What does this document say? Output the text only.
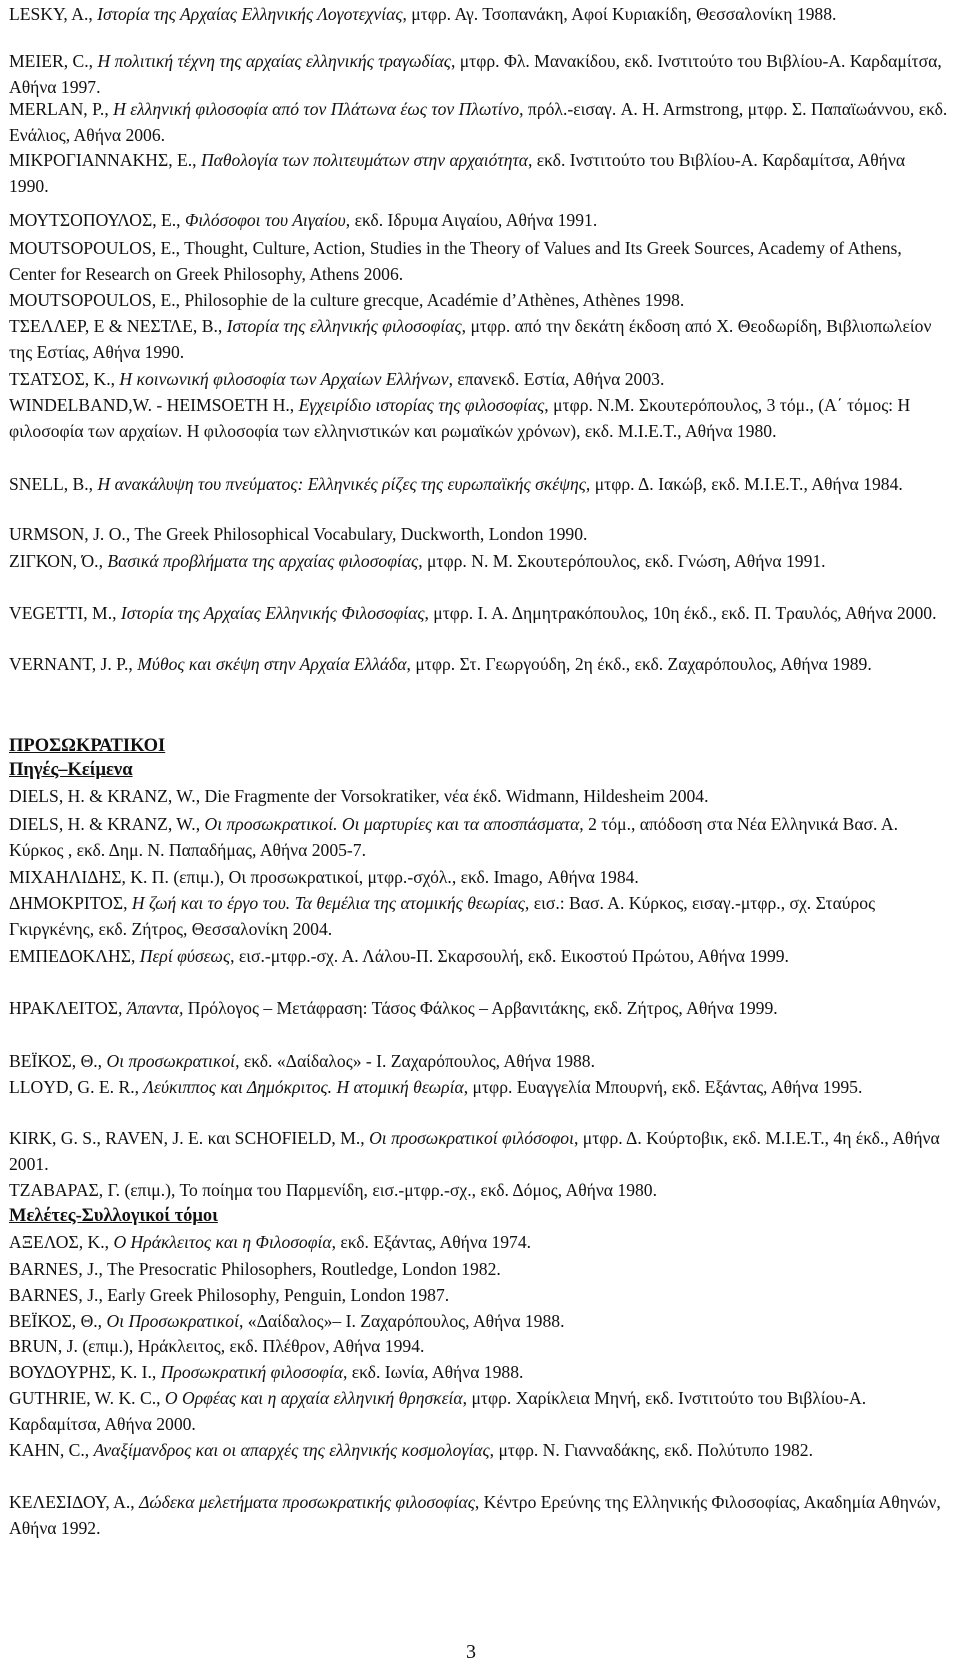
LESKY, A., Ιστορία της Αρχαίας Ελληνικής Λογοτεχνίας, μτφρ. Αγ. Τσοπανάκη, Αφοί Κυριακίδη, Θεσσαλονίκη 1988.
MEIER, C., Η πολιτική τέχνη της αρχαίας ελληνικής τραγωδίας, μτφρ. Φλ. Μανακίδου, εκδ. Ινστιτούτο του Βιβλίου-Α. Καρδαμίτσα, Αθήνα 1997.
MERLAN, P., Η ελληνική φιλοσοφία από τον Πλάτωνα έως τον Πλωτίνο, πρόλ.-εισαγ. A. H. Armstrong, μτφρ. Σ. Παπαϊωάννου, εκδ. Ενάλιος, Αθήνα 2006.
ΜΙΚΡΟΓΙΑΝΝΑΚΗΣ, Ε., Παθολογία των πολιτευμάτων στην αρχαιότητα, εκδ. Ινστιτούτο του Βιβλίου-Α. Καρδαμίτσα, Αθήνα 1990.
ΜΟΥΤΣΟΠΟΥΛΟΣ, Ε., Φιλόσοφοι του Αιγαίου, εκδ. Ιδρυμα Αιγαίου, Αθήνα 1991.
MOUTSOPOULOS, E., Thought, Culture, Action, Studies in the Theory of Values and Its Greek Sources, Academy of Athens, Center for Research on Greek Philosophy, Athens 2006.
MOUTSOPOULOS, E., Philosophie de la culture grecque, Académie d’Athènes, Athènes 1998.
ΤΣΕΛΛΕΡ, Ε & ΝΕΣΤΛΕ, Β., Ιστορία της ελληνικής φιλοσοφίας, μτφρ. από την δεκάτη έκδοση από Χ. Θεοδωρίδη, Βιβλιοπωλείον της Εστίας, Αθήνα 1990.
ΤΣΑΤΣΟΣ, Κ., Η κοινωνική φιλοσοφία των Αρχαίων Ελλήνων, επανεκδ. Εστία, Αθήνα 2003.
WINDELBAND,W. - HEIMSOETH H., Εγχειρίδιο ιστορίας της φιλοσοφίας, μτφρ. Ν.Μ. Σκουτερόπουλος, 3 τόμ., (Α΄ τόμος: Η φιλοσοφία των αρχαίων. Η φιλοσοφία των ελληνιστικών και ρωμαϊκών χρόνων), εκδ. Μ.Ι.Ε.Τ., Αθήνα 1980.
SNELL, B., Η ανακάλυψη του πνεύματος: Ελληνικές ρίζες της ευρωπαϊκής σκέψης, μτφρ. Δ. Ιακώβ, εκδ. Μ.Ι.Ε.Τ., Αθήνα 1984.
URMSON, J. O., The Greek Philosophical Vocabulary, Duckworth, London 1990.
ΖΙΓΚΟΝ, Ό., Βασικά προβλήματα της αρχαίας φιλοσοφίας, μτφρ. Ν. Μ. Σκουτερόπουλος, εκδ. Γνώση, Αθήνα 1991.
VEGETTI, M., Ιστορία της Αρχαίας Ελληνικής Φιλοσοφίας, μτφρ. Ι. Α. Δημητρακόπουλος, 10η έκδ., εκδ. Π. Τραυλός, Αθήνα 2000.
VERNANT, J. P., Μύθος και σκέψη στην Αρχαία Ελλάδα, μτφρ. Στ. Γεωργούδη, 2η έκδ., εκδ. Ζαχαρόπουλος, Αθήνα 1989.
ΠΡΟΣΩΚΡΑΤΙΚΟΙ
Πηγές–Κείμενα
DIELS, H. & KRANZ, W., Die Fragmente der Vorsokratiker, νέα έκδ. Widmann, Hildesheim 2004.
DIELS, H. & KRANZ, W., Οι προσωκρατικοί. Οι μαρτυρίες και τα αποσπάσματα, 2 τόμ., απόδοση στα Νέα Ελληνικά Βασ. Α. Κύρκος , εκδ. Δημ. Ν. Παπαδήμας, Αθήνα 2005-7.
ΜΙΧΑΗΛΙΔΗΣ, Κ. Π. (επιμ.), Οι προσωκρατικοί, μτφρ.-σχόλ., εκδ. Imago, Αθήνα 1984.
ΔΗΜΟΚΡΙΤΟΣ, Η ζωή και το έργο του. Τα θεμέλια της ατομικής θεωρίας, εισ.: Βασ. Α. Κύρκος, εισαγ.-μτφρ., σχ. Σταύρος Γκιργκένης, εκδ. Ζήτρος, Θεσσαλονίκη 2004.
ΕΜΠΕΔΟΚΛΗΣ, Περί φύσεως, εισ.-μτφρ.-σχ. Α. Λάλου-Π. Σκαρσουλή, εκδ. Εικοστού Πρώτου, Αθήνα 1999.
ΗΡΑΚΛΕΙΤΟΣ, Άπαντα, Πρόλογος – Μετάφραση: Τάσος Φάλκος – Αρβανιτάκης, εκδ. Ζήτρος, Αθήνα 1999.
ΒΕΪΚΟΣ, Θ., Οι προσωκρατικοί, εκδ. «Δαίδαλος» - Ι. Ζαχαρόπουλος, Αθήνα 1988.
LLOYD, G. E. R., Λεύκιππος και Δημόκριτος. Η ατομική θεωρία, μτφρ. Ευαγγελία Μπουρνή, εκδ. Εξάντας, Αθήνα 1995.
KIRK, G. S., RAVEN, J. E. και SCHOFIELD, M., Οι προσωκρατικοί φιλόσοφοι, μτφρ. Δ. Κούρτοβικ, εκδ. Μ.Ι.Ε.Τ., 4η έκδ., Αθήνα 2001.
ΤΖΑΒΑΡΑΣ, Γ. (επιμ.), Το ποίημα του Παρμενίδη, εισ.-μτφρ.-σχ., εκδ. Δόμος, Αθήνα 1980.
Μελέτες-Συλλογικοί τόμοι
ΑΞΕΛΟΣ, Κ., Ο Ηράκλειτος και η Φιλοσοφία, εκδ. Εξάντας, Αθήνα 1974.
BARNES, J., The Presocratic Philosophers, Routledge, London 1982.
BARNES, J., Early Greek Philosophy, Penguin, London 1987.
ΒΕΪΚΟΣ, Θ., Οι Προσωκρατικοί, «Δαίδαλος»– Ι. Ζαχαρόπουλος, Αθήνα 1988.
BRUN, J. (επιμ.), Ηράκλειτος, εκδ. Πλέθρον, Αθήνα 1994.
ΒΟΥΔΟΥΡΗΣ, Κ. Ι., Προσωκρατική φιλοσοφία, εκδ. Ιωνία, Αθήνα 1988.
GUTHRIE, W. K. C., Ο Ορφέας και η αρχαία ελληνική θρησκεία, μτφρ. Χαρίκλεια Μηνή, εκδ. Ινστιτούτο του Βιβλίου-Α. Καρδαμίτσα, Αθήνα 2000.
KAHN, C., Αναξίμανδρος και οι απαρχές της ελληνικής κοσμολογίας, μτφρ. Ν. Γιανναδάκης, εκδ. Πολύτυπο 1982.
ΚΕΛΕΣΙΔΟΥ, Α., Δώδεκα μελετήματα προσωκρατικής φιλοσοφίας, Κέντρο Ερεύνης της Ελληνικής Φιλοσοφίας, Ακαδημία Αθηνών, Αθήνα 1992.
3
